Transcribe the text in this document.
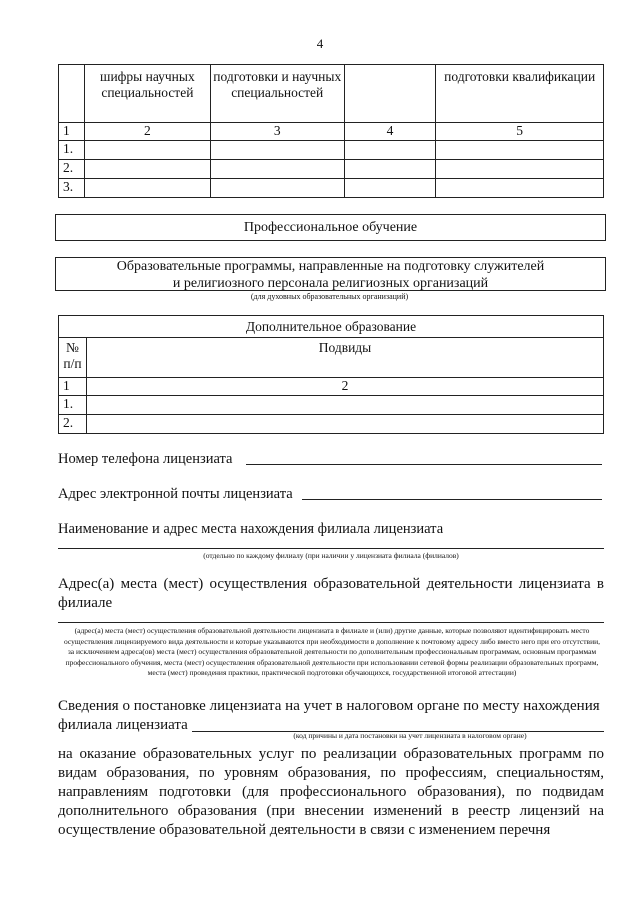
4
	шифры научных специальностей	подготовки и научных специальностей		подготовки квалификации
1	2	3	4	5
1.				
2.				
3.				
Профессиональное обучение
Образовательные программы, направленные на подготовку служителей
и религиозного персонала религиозных организаций
(для духовных образовательных организаций)
Дополнительное образование	
№ п/п	Подвиды
1	2
1.	
2.	
Номер телефона лицензиата
Адрес электронной почты лицензиата
Наименование и адрес места нахождения филиала лицензиата
(отдельно по каждому филиалу (при наличии у лицензиата филиала (филиалов)
Адрес(а) места (мест) осуществления образовательной деятельности лицензиата в филиале
(адрес(а) места (мест) осуществления образовательной деятельности лицензиата в филиале и (или) другие данные, которые позволяют идентифицировать место осуществления лицензируемого вида деятельности и которые указываются при необходимости в дополнение к почтовому адресу либо вместо него при его отсутствии, за исключением адреса(ов) места (мест) осуществления образовательной деятельности по дополнительным профессиональным программам, основным программам профессионального обучения, места (мест) осуществления образовательной деятельности при использовании сетевой формы реализации образовательных программ, места (мест) проведения практики, практической подготовки обучающихся, государственной итоговой аттестации)
Сведения о постановке лицензиата на учет в налоговом органе по месту нахождения
филиала лицензиата
(код причины и дата постановки на учет лицензиата в налоговом органе)
на оказание образовательных услуг по реализации образовательных программ по видам образования, по уровням образования, по профессиям, специальностям, направлениям подготовки (для профессионального образования), по подвидам дополнительного образования (при внесении изменений в реестр лицензий на осуществление образовательной деятельности в связи с изменением перечня
